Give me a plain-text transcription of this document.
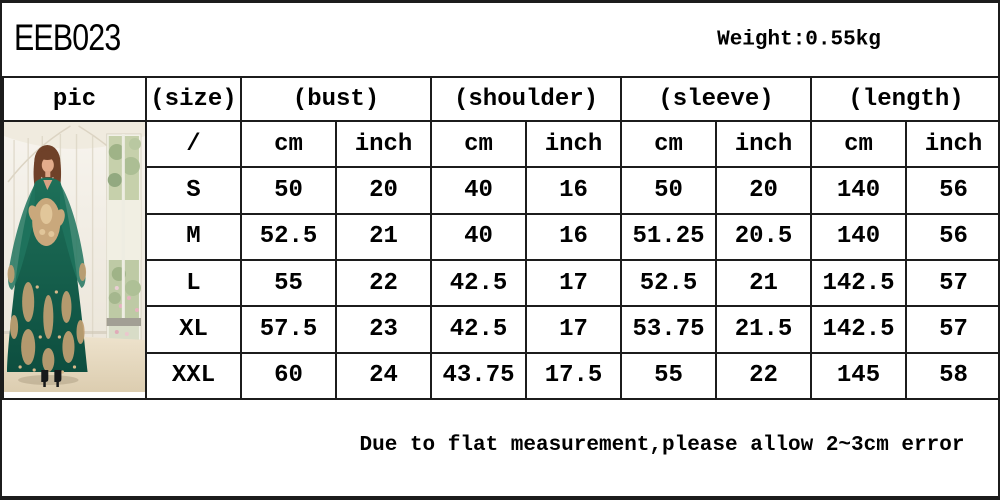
EEB023	Weight:0.55kg
pic	(size)	(bust)		(shoulder)		(sleeve)		(length)	

	/	cm	inch	cm	inch	cm	inch	cm	inch
	S	50	20	40	16	50	20	140	56
	M	52.5	21	40	16	51.25	20.5	140	56
	L	55	22	42.5	17	52.5	21	142.5	57
	XL	57.5	23	42.5	17	53.75	21.5	142.5	57
	XXL	60	24	43.75	17.5	55	22	145	58
Due to flat measurement,please allow 2~3cm error
